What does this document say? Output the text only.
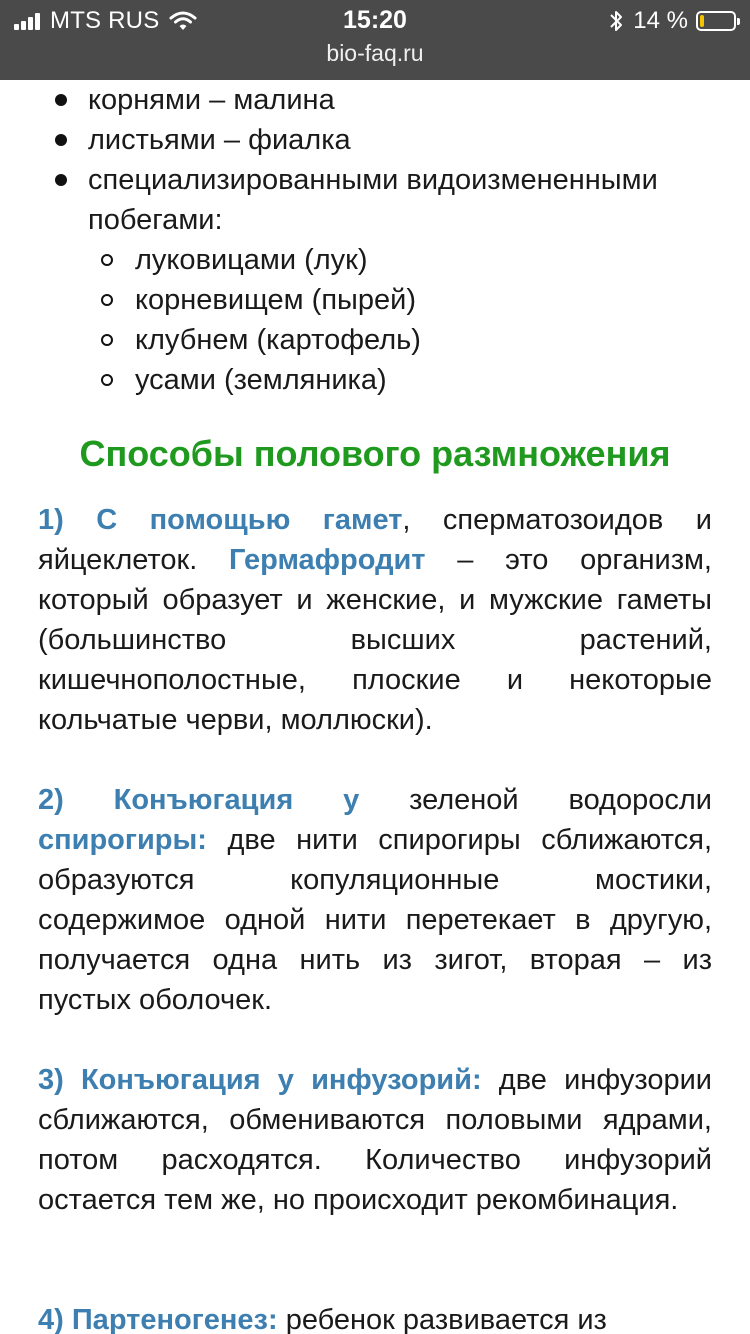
MTS RUS	15:20	14 %
bio-faq.ru
корнями – малина
листьями – фиалка
специализированными видоизмененными побегами:
луковицами (лук)
корневищем (пырей)
клубнем (картофель)
усами (земляника)
Способы полового размножения

1) С помощью гамет, сперматозоидов и яйцеклеток. Гермафродит – это организм, который образует и женские, и мужские гаметы (большинство высших растений, кишечнополостные, плоские и некоторые кольчатые черви, моллюски).

2) Конъюгация у зеленой водоросли спирогиры: две нити спирогиры сближаются, образуются копуляционные мостики, содержимое одной нити перетекает в другую, получается одна нить из зигот, вторая – из пустых оболочек.

3) Конъюгация у инфузорий: две инфузории сближаются, обмениваются половыми ядрами, потом расходятся. Количество инфузорий остается тем же, но происходит рекомбинация.

4) Партеногенез: ребенок развивается из
